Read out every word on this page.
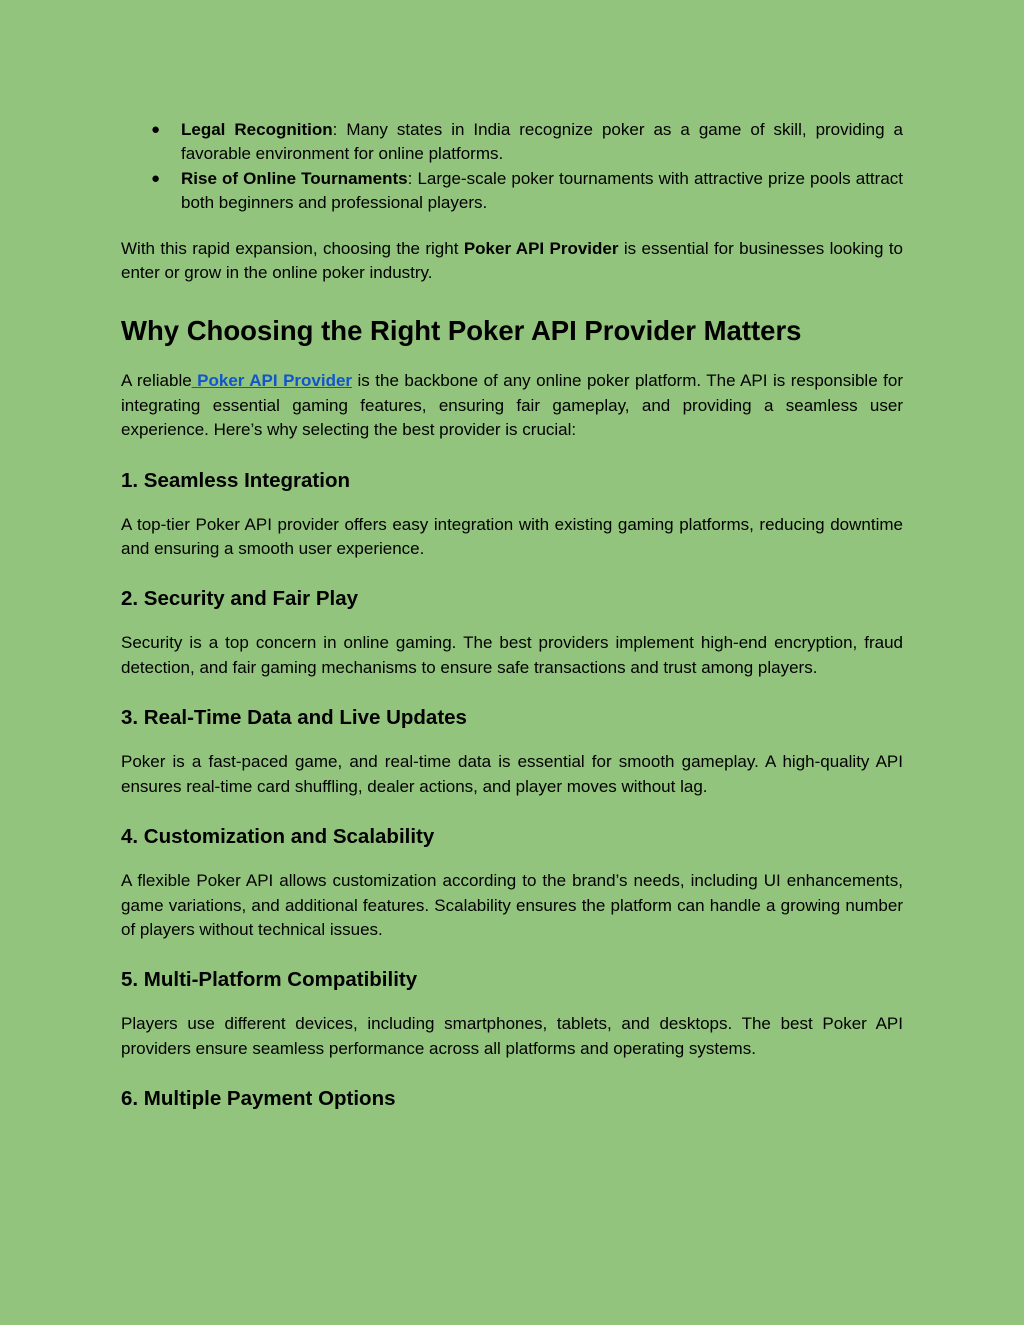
● Legal Recognition: Many states in India recognize poker as a game of skill, providing a favorable environment for online platforms.
● Rise of Online Tournaments: Large-scale poker tournaments with attractive prize pools attract both beginners and professional players.

With this rapid expansion, choosing the right Poker API Provider is essential for businesses looking to enter or grow in the online poker industry.

Why Choosing the Right Poker API Provider Matters

A reliable Poker API Provider is the backbone of any online poker platform. The API is responsible for integrating essential gaming features, ensuring fair gameplay, and providing a seamless user experience. Here’s why selecting the best provider is crucial:

1. Seamless Integration

A top-tier Poker API provider offers easy integration with existing gaming platforms, reducing downtime and ensuring a smooth user experience.

2. Security and Fair Play

Security is a top concern in online gaming. The best providers implement high-end encryption, fraud detection, and fair gaming mechanisms to ensure safe transactions and trust among players.

3. Real-Time Data and Live Updates

Poker is a fast-paced game, and real-time data is essential for smooth gameplay. A high-quality API ensures real-time card shuffling, dealer actions, and player moves without lag.

4. Customization and Scalability

A flexible Poker API allows customization according to the brand’s needs, including UI enhancements, game variations, and additional features. Scalability ensures the platform can handle a growing number of players without technical issues.

5. Multi-Platform Compatibility

Players use different devices, including smartphones, tablets, and desktops. The best Poker API providers ensure seamless performance across all platforms and operating systems.

6. Multiple Payment Options
